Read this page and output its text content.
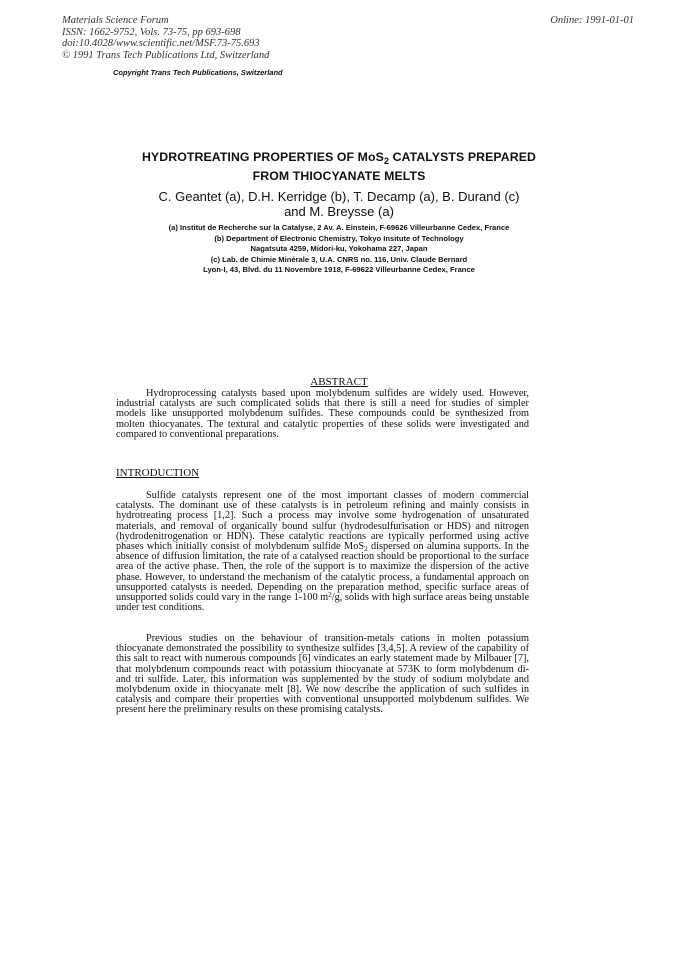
Materials Science Forum
ISSN: 1662-9752, Vols. 73-75, pp 693-698
doi:10.4028/www.scientific.net/MSF.73-75.693
© 1991 Trans Tech Publications Ltd, Switzerland
Online: 1991-01-01
Copyright Trans Tech Publications, Switzerland
HYDROTREATING PROPERTIES OF MoS$_2$ CATALYSTS PREPARED
FROM THIOCYANATE MELTS
C. Geantet (a), D.H. Kerridge (b), T. Decamp (a), B. Durand (c)
and M. Breysse (a)
(a) Institut de Recherche sur la Catalyse, 2 Av. A. Einstein, F-69626 Villeurbanne Cedex, France
(b) Department of Electronic Chemistry, Tokyo Insitute of Technology
Nagatsuta 4259, Midori-ku, Yokohama 227, Japan
(c) Lab. de Chimie Minérale 3, U.A. CNRS no. 116, Univ. Claude Bernard
Lyon-I, 43, Blvd. du 11 Novembre 1918, F-69622 Villeurbanne Cedex, France
ABSTRACT

Hydroprocessing catalysts based upon molybdenum sulfides are widely used. However, industrial catalysts are such complicated solids that there is still a need for studies of simpler models like unsupported molybdenum sulfides. These compounds could be synthesized from molten thiocyanates. The textural and catalytic properties of these solids were investigated and compared to conventional preparations.

INTRODUCTION

Sulfide catalysts represent one of the most important classes of modern commercial catalysts. The dominant use of these catalysts is in petroleum refining and mainly consists in hydrotreating process [1,2]. Such a process may involve some hydrogenation of unsaturated materials, and removal of organically bound sulfur (hydrodesulfurisation or HDS) and nitrogen (hydrodenitrogenation or HDN). These catalytic reactions are typically performed using active phases which initially consist of molybdenum sulfide MoS$_2$ dispersed on alumina supports. In the absence of diffusion limitation, the rate of a catalysed reaction should be proportional to the surface area of the active phase. Then, the role of the support is to maximize the dispersion of the active phase. However, to understand the mechanism of the catalytic process, a fundamental approach on unsupported catalysts is needed. Depending on the preparation method, specific surface areas of unsupported solids could vary in the range 1-100 $m^2/g$, solids with high surface areas being unstable under test conditions.

Previous studies on the behaviour of transition-metals cations in molten potassium thiocyanate demonstrated the possibility to synthesize sulfides [3,4,5]. A review of the capability of this salt to react with numerous compounds [6] vindicates an early statement made by Milbauer [7], that molybdenum compounds react with potassium thiocyanate at 573K to form molybdenum di-and tri sulfide. Later, this information was supplemented by the study of sodium molybdate and molybdenum oxide in thiocyanate melt [8]. We now describe the application of such sulfides in catalysis and compare their properties with conventional unsupported molybdenum sulfides. We present here the preliminary results on these promising catalysts.
